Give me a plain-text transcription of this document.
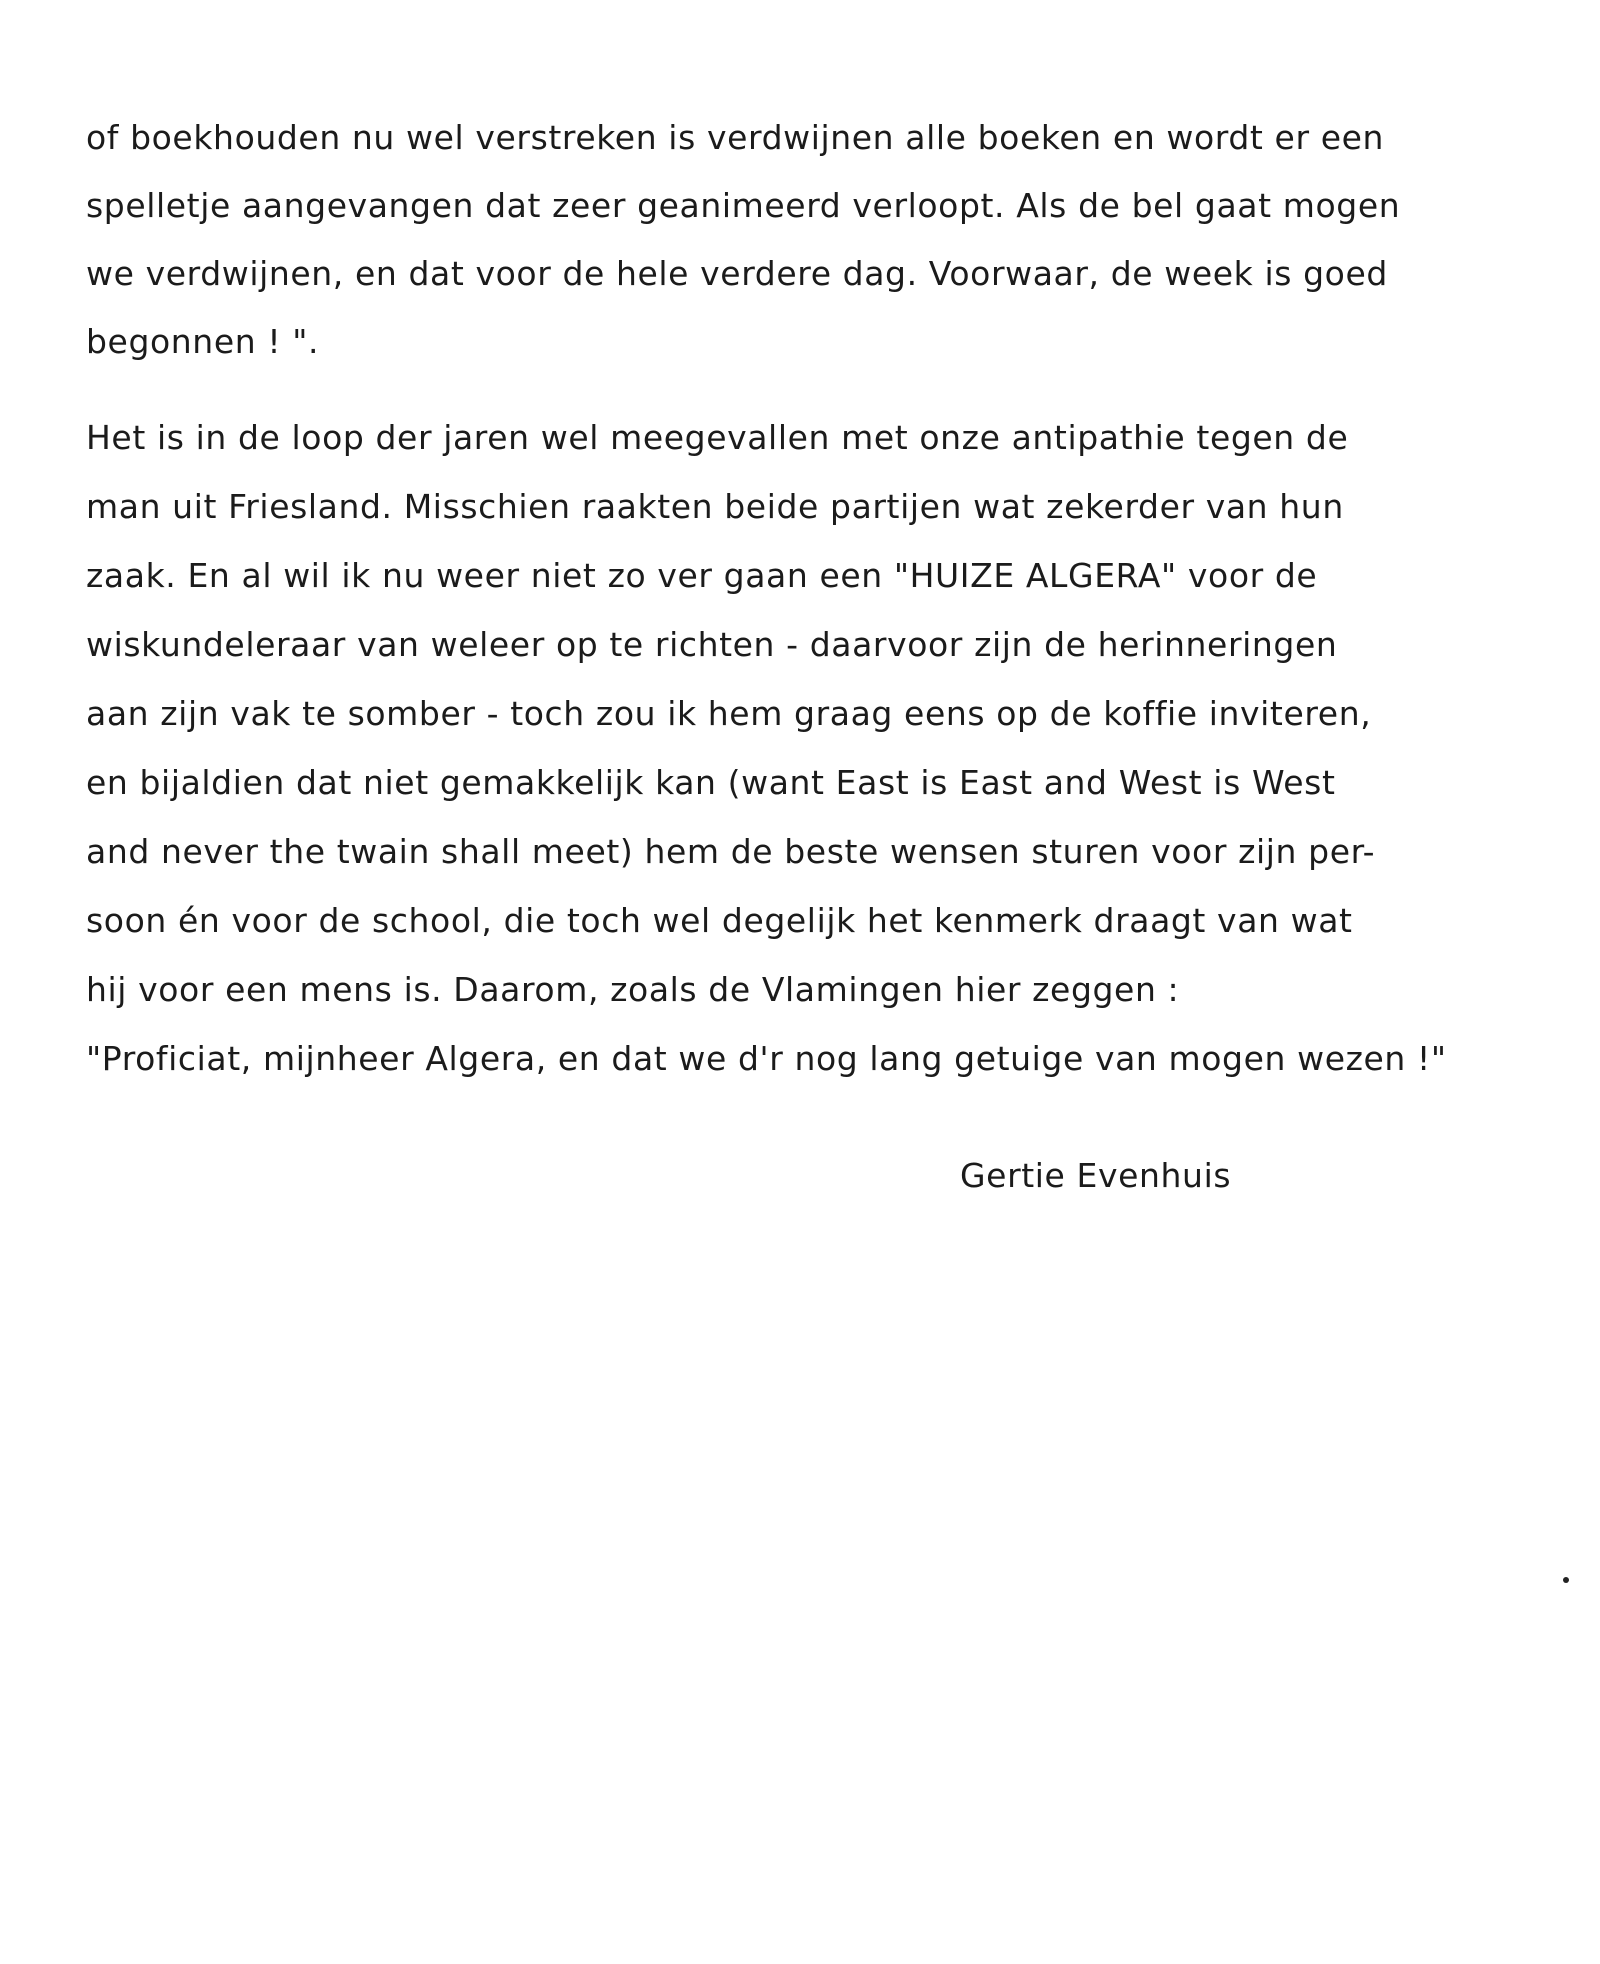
of boekhouden nu wel verstreken is verdwijnen alle boeken en wordt er een
spelletje aangevangen dat zeer geanimeerd verloopt. Als de bel gaat mogen
we verdwijnen, en dat voor de hele verdere dag. Voorwaar, de week is goed
begonnen ! ".
Het is in de loop der jaren wel meegevallen met onze antipathie tegen de
man uit Friesland. Misschien raakten beide partijen wat zekerder van hun
zaak. En al wil ik nu weer niet zo ver gaan een "HUIZE ALGERA" voor de
wiskundeleraar van weleer op te richten - daarvoor zijn de herinneringen
aan zijn vak te somber - toch zou ik hem graag eens op de koffie inviteren,
en bijaldien dat niet gemakkelijk kan (want East is East and West is West
and never the twain shall meet) hem de beste wensen sturen voor zijn per-
soon én voor de school, die toch wel degelijk het kenmerk draagt van wat
hij voor een mens is. Daarom, zoals de Vlamingen hier zeggen :
"Proficiat, mijnheer Algera, en dat we d'r nog lang getuige van mogen wezen !"
Gertie Evenhuis
